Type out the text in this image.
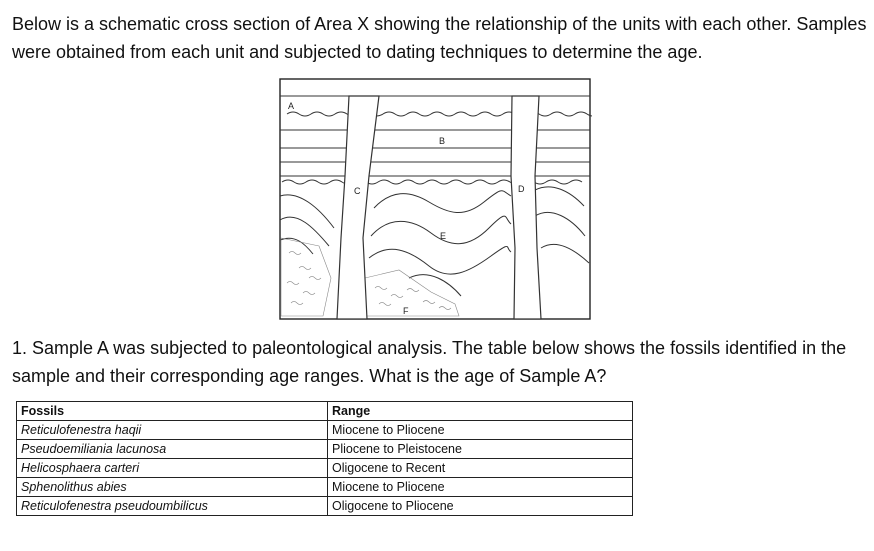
Below is a schematic cross section of Area X showing the relationship of the units with each other. Samples were obtained from each unit and subjected to dating techniques to determine the age.

A
B
C	D
E
F

1. Sample A was subjected to paleontological analysis. The table below shows the fossils identified in the sample and their corresponding age ranges. What is the age of Sample A?

Fossils	Range
Reticulofenestra haqii	Miocene to Pliocene
Pseudoemiliania lacunosa	Pliocene to Pleistocene
Helicosphaera carteri	Oligocene to Recent
Sphenolithus abies	Miocene to Pliocene
Reticulofenestra pseudoumbilicus	Oligocene to Pliocene
